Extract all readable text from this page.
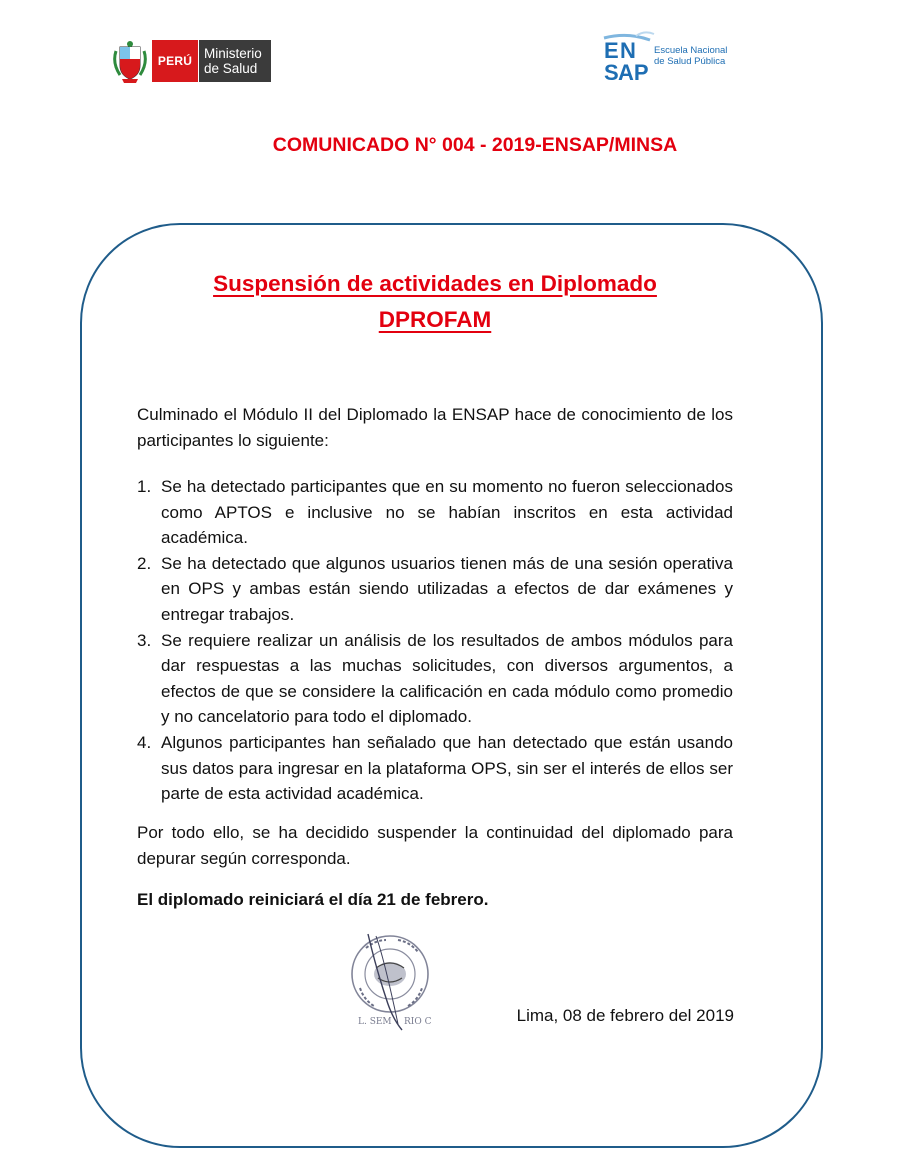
PERÚ Ministerio
de Salud
E N
S AP
Escuela Nacional
de Salud Pública
COMUNICADO N° 004 - 2019-ENSAP/MINSA
Suspensión de actividades en Diplomado
DPROFAM
Culminado el Módulo II del Diplomado la ENSAP hace de conocimiento de los participantes lo siguiente:
1. Se ha detectado participantes que en su momento no fueron seleccionados como APTOS e inclusive no se habían inscritos en esta actividad académica.
2. Se ha detectado que algunos usuarios tienen más de una sesión operativa en OPS y ambas están siendo utilizadas a efectos de dar exámenes y entregar trabajos.
3. Se requiere realizar un análisis de los resultados de ambos módulos para dar respuestas a las muchas solicitudes, con diversos argumentos, a efectos de que se considere la calificación en cada módulo como promedio y no cancelatorio para todo el diplomado.
4. Algunos participantes han señalado que han detectado que están usando sus datos para ingresar en la plataforma OPS, sin ser el interés de ellos ser parte de esta actividad académica.
Por todo ello, se ha decidido suspender la continuidad del diplomado para depurar según corresponda.
El diplomado reiniciará el día 21 de febrero.
L. SEM RIO C	Lima, 08 de febrero del 2019
